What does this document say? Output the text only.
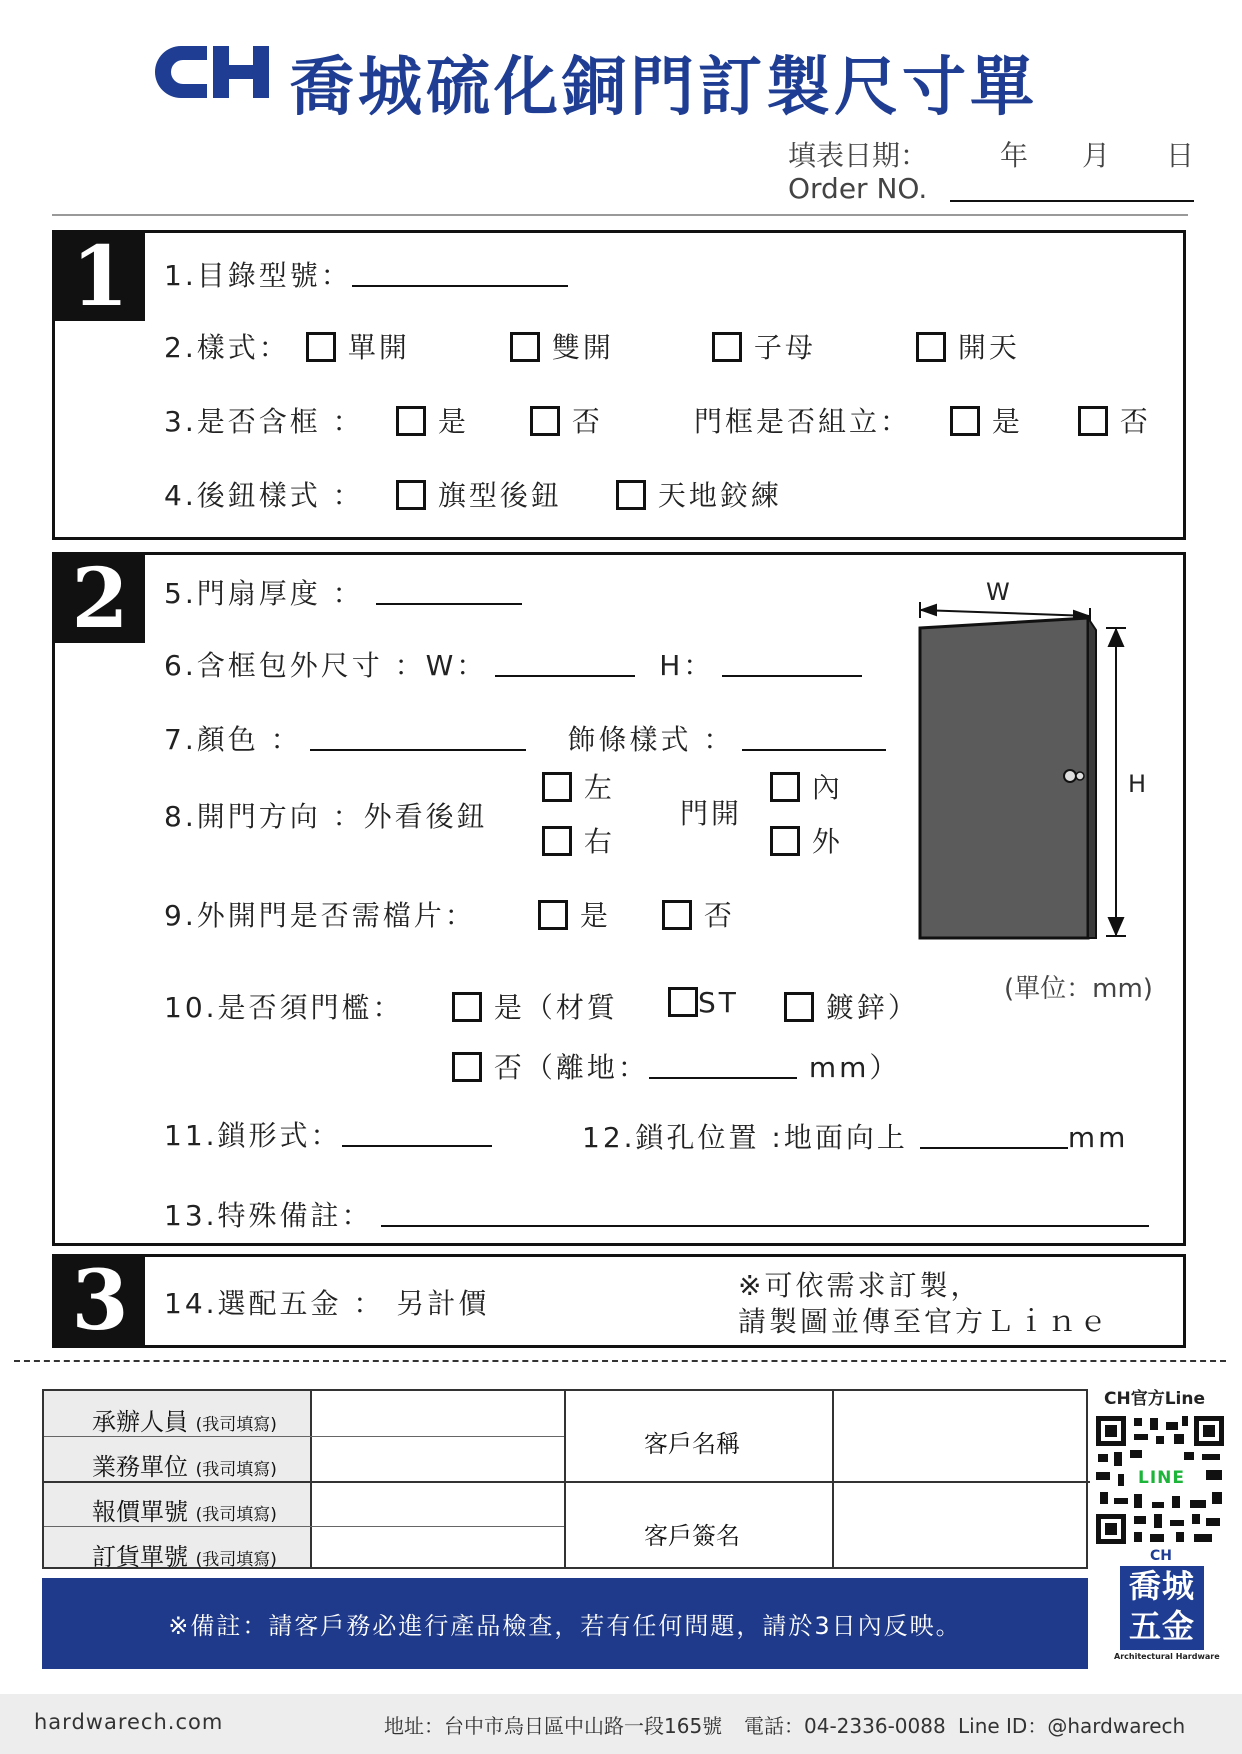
喬城硫化銅門訂製尺寸單
填表日期：	年 月 日
Order NO.
1	1.目錄型號：
2.樣式：	單開	雙開	子母	開天
3.是否含框 ：	是	否	門框是否組立：	是	否
4.後鈕樣式 ：	旗型後鈕	天地鉸練
2	5.門扇厚度 ：
6.含框包外尺寸 ：W：	H：
7.顏色 ：	飾條樣式 ：
8.開門方向 ：外看後鈕
左
右
門開
內
外
9.外開門是否需檔片：	是	否
10.是否須門檻：	是（材質	ST	鍍鋅）
否（離地：	mm）
11.鎖形式：	12.鎖孔位置 :地面向上	mm
13.特殊備註：
W
H
(單位：mm)
3	14.選配五金 ： 另計價
※可依需求訂製，
請製圖並傳至官方Ｌｉｎｅ
承辦人員 (我司填寫)
業務單位 (我司填寫)
報價單號 (我司填寫)
訂貨單號 (我司填寫)
客戶名稱
客戶簽名
※備註：請客戶務必進行產品檢查，若有任何問題，請於3日內反映。
CH官方Line
LINE
CH
喬城
五金
Architectural Hardware
hardwarech.com	地址：台中市烏日區中山路一段165號 電話：04-2336-0088 Line ID：@hardwarech
